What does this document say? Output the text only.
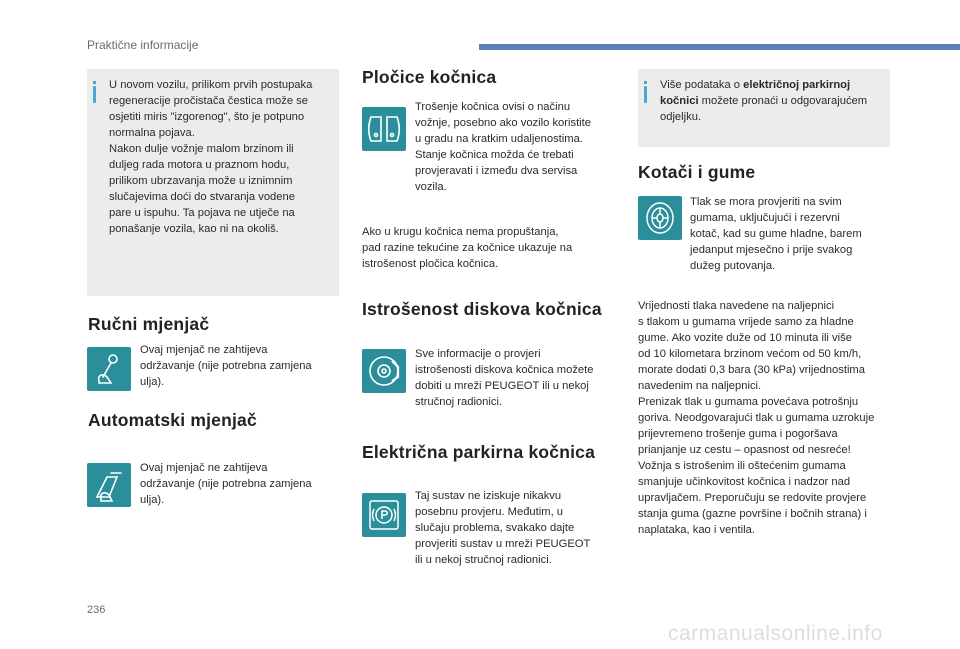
Praktične informacije
U novom vozilu, prilikom prvih postupaka
regeneracije pročistača čestica može se
osjetiti miris "izgorenog", što je potpuno
normalna pojava.
Nakon dulje vožnje malom brzinom ili
duljeg rada motora u praznom hodu,
prilikom ubrzavanja može u iznimnim
slučajevima doći do stvaranja vodene
pare u ispuhu. Ta pojava ne utječe na
ponašanje vozila, kao ni na okoliš.
Ručni mjenjač
Ovaj mjenjač ne zahtijeva
održavanje (nije potrebna zamjena
ulja).
Automatski mjenjač
Ovaj mjenjač ne zahtijeva
održavanje (nije potrebna zamjena
ulja).
Pločice kočnica
Trošenje kočnica ovisi o načinu
vožnje, posebno ako vozilo koristite
u gradu na kratkim udaljenostima.
Stanje kočnica možda će trebati
provjeravati i između dva servisa
vozila.
Ako u krugu kočnica nema propuštanja,
pad razine tekućine za kočnice ukazuje na
istrošenost pločica kočnica.
Istrošenost diskova kočnica
Sve informacije o provjeri
istrošenosti diskova kočnica možete
dobiti u mreži PEUGEOT ili u nekoj
stručnoj radionici.
Električna parkirna kočnica
Taj sustav ne iziskuje nikakvu
posebnu provjeru. Međutim, u
slučaju problema, svakako dajte
provjeriti sustav u mreži PEUGEOT
ili u nekoj stručnoj radionici.
Više podataka o električnoj parkirnoj
kočnici možete pronaći u odgovarajućem
odjeljku.
Kotači i gume
Tlak se mora provjeriti na svim
gumama, uključujući i rezervni
kotač, kad su gume hladne, barem
jedanput mjesečno i prije svakog
dužeg putovanja.
Vrijednosti tlaka navedene na naljepnici
s tlakom u gumama vrijede samo za hladne
gume. Ako vozite duže od 10 minuta ili više
od 10 kilometara brzinom većom od 50 km/h,
morate dodati 0,3 bara (30 kPa) vrijednostima
navedenim na naljepnici.
Prenizak tlak u gumama povećava potrošnju
goriva. Neodgovarajući tlak u gumama uzrokuje
prijevremeno trošenje guma i pogoršava
prianjanje uz cestu – opasnost od nesreće!
Vožnja s istrošenim ili oštećenim gumama
smanjuje učinkovitost kočnica i nadzor nad
upravljačem. Preporučuju se redovite provjere
stanja guma (gazne površine i bočnih strana) i
naplataka, kao i ventila.
236
carmanualsonline.info
